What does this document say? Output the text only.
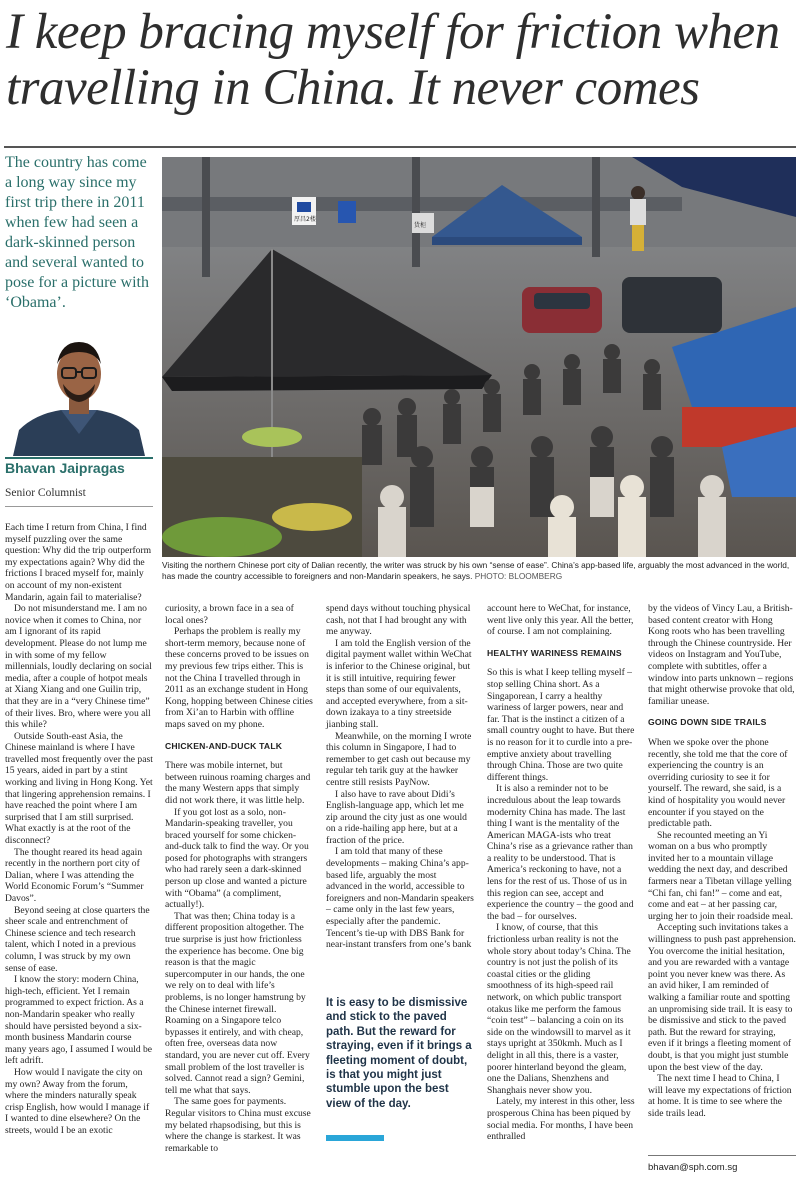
I keep bracing myself for friction when
travelling in China. It never comes
The country has come a long way since my first trip there in 2011 when few had seen a dark-skinned person and several wanted to pose for a picture with ‘Obama’.
Bhavan Jaipragas
Senior Columnist
厚昌2楼
货柜
Visiting the northern Chinese port city of Dalian recently, the writer was struck by his own “sense of ease”. China’s app-based life, arguably the most advanced in the world, has made the country accessible to foreigners and non-Mandarin speakers, he says. PHOTO: BLOOMBERG

Each time I return from China, I find myself puzzling over the same question: Why did the trip outperform my expectations again? Why did the frictions I braced myself for, mainly on account of my non-existent Mandarin, again fail to materialise?

Do not misunderstand me. I am no novice when it comes to China, nor am I ignorant of its rapid development. Please do not lump me in with some of my fellow millennials, loudly declaring on social media, after a couple of hotpot meals at Xiang Xiang and one Guilin trip, that they are in a “very Chinese time” of their lives. Bro, where were you all this while?

Outside South-east Asia, the Chinese mainland is where I have travelled most frequently over the past 15 years, aided in part by a stint working and living in Hong Kong. Yet that lingering apprehension remains. I have reached the point where I am surprised that I am still surprised. What exactly is at the root of the disconnect?

The thought reared its head again recently in the northern port city of Dalian, where I was attending the World Economic Forum’s “Summer Davos”.

Beyond seeing at close quarters the sheer scale and entrenchment of Chinese science and tech research talent, which I noted in a previous column, I was struck by my own sense of ease.

I know the story: modern China, high-tech, efficient. Yet I remain programmed to expect friction. As a non-Mandarin speaker who really should have persisted beyond a six-month business Mandarin course many years ago, I assumed I would be left adrift.

How would I navigate the city on my own? Away from the forum, where the minders naturally speak crisp English, how would I manage if I wanted to dine elsewhere? On the streets, would I be an exotic

curiosity, a brown face in a sea of local ones?

Perhaps the problem is really my short-term memory, because none of these concerns proved to be issues on my previous few trips either. This is not the China I travelled through in 2011 as an exchange student in Hong Kong, hopping between Chinese cities from Xi’an to Harbin with offline maps saved on my phone.

CHICKEN-AND-DUCK TALK

There was mobile internet, but between ruinous roaming charges and the many Western apps that simply did not work there, it was little help.

If you got lost as a solo, non-Mandarin-speaking traveller, you braced yourself for some chicken-and-duck talk to find the way. Or you posed for photographs with strangers who had rarely seen a dark-skinned person up close and wanted a picture with “Obama” (a compliment, actually!).

That was then; China today is a different proposition altogether. The true surprise is just how frictionless the experience has become. One big reason is that the magic supercomputer in our hands, the one we rely on to deal with life’s problems, is no longer hamstrung by the Chinese internet firewall. Roaming on a Singapore telco bypasses it entirely, and with cheap, often free, overseas data now standard, you are never cut off. Every small problem of the lost traveller is solved. Cannot read a sign? Gemini, tell me what that says.

The same goes for payments. Regular visitors to China must excuse my belated rhapsodising, but this is where the change is starkest. It was remarkable to

spend days without touching physical cash, not that I had brought any with me anyway.

I am told the English version of the digital payment wallet within WeChat is inferior to the Chinese original, but it is still intuitive, requiring fewer steps than some of our equivalents, and accepted everywhere, from a sit-down izakaya to a tiny streetside jianbing stall.

Meanwhile, on the morning I wrote this column in Singapore, I had to remember to get cash out because my regular teh tarik guy at the hawker centre still resists PayNow.

I also have to rave about Didi’s English-language app, which let me zip around the city just as one would on a ride-hailing app here, but at a fraction of the price.

I am told that many of these developments – making China’s app-based life, arguably the most advanced in the world, accessible to foreigners and non-Mandarin speakers – came only in the last few years, especially after the pandemic. Tencent’s tie-up with DBS Bank for near-instant transfers from one’s bank

It is easy to be dismissive and stick to the paved path. But the reward for straying, even if it brings a fleeting moment of doubt, is that you might just stumble upon the best view of the day.

account here to WeChat, for instance, went live only this year. All the better, of course. I am not complaining.

HEALTHY WARINESS REMAINS

So this is what I keep telling myself – stop selling China short. As a Singaporean, I carry a healthy wariness of larger powers, near and far. That is the instinct a citizen of a small country ought to have. But there is no reason for it to curdle into a pre-emptive anxiety about travelling through China. Those are two quite different things.

It is also a reminder not to be incredulous about the leap towards modernity China has made. The last thing I want is the mentality of the American MAGA-ists who treat China’s rise as a grievance rather than a reality to be understood. That is America’s reckoning to have, not a lens for the rest of us. Those of us in this region can see, accept and experience the country – the good and the bad – for ourselves.

I know, of course, that this frictionless urban reality is not the whole story about today’s China. The country is not just the polish of its coastal cities or the gliding smoothness of its high-speed rail network, on which public transport otakus like me perform the famous “coin test” – balancing a coin on its side on the windowsill to marvel as it stays upright at 350kmh. Much as I delight in all this, there is a vaster, poorer hinterland beyond the gleam, one the Dalians, Shenzhens and Shanghais never show you.

Lately, my interest in this other, less prosperous China has been piqued by social media. For months, I have been enthralled

by the videos of Vincy Lau, a British-based content creator with Hong Kong roots who has been travelling through the Chinese countryside. Her videos on Instagram and YouTube, complete with subtitles, offer a window into parts unknown – regions that might otherwise provoke that old, familiar unease.

GOING DOWN SIDE TRAILS

When we spoke over the phone recently, she told me that the core of experiencing the country is an overriding curiosity to see it for yourself. The reward, she said, is a kind of hospitality you would never encounter if you stayed on the predictable path.

She recounted meeting an Yi woman on a bus who promptly invited her to a mountain village wedding the next day, and described farmers near a Tibetan village yelling “Chi fan, chi fan!” – come and eat, come and eat – at her passing car, urging her to join their roadside meal.

Accepting such invitations takes a willingness to push past apprehension. You overcome the initial hesitation, and you are rewarded with a vantage point you never knew was there. As an avid hiker, I am reminded of walking a familiar route and spotting an unpromising side trail. It is easy to be dismissive and stick to the paved path. But the reward for straying, even if it brings a fleeting moment of doubt, is that you might just stumble upon the best view of the day.

The next time I head to China, I will leave my expectations of friction at home. It is time to see where the side trails lead.

bhavan@sph.com.sg
